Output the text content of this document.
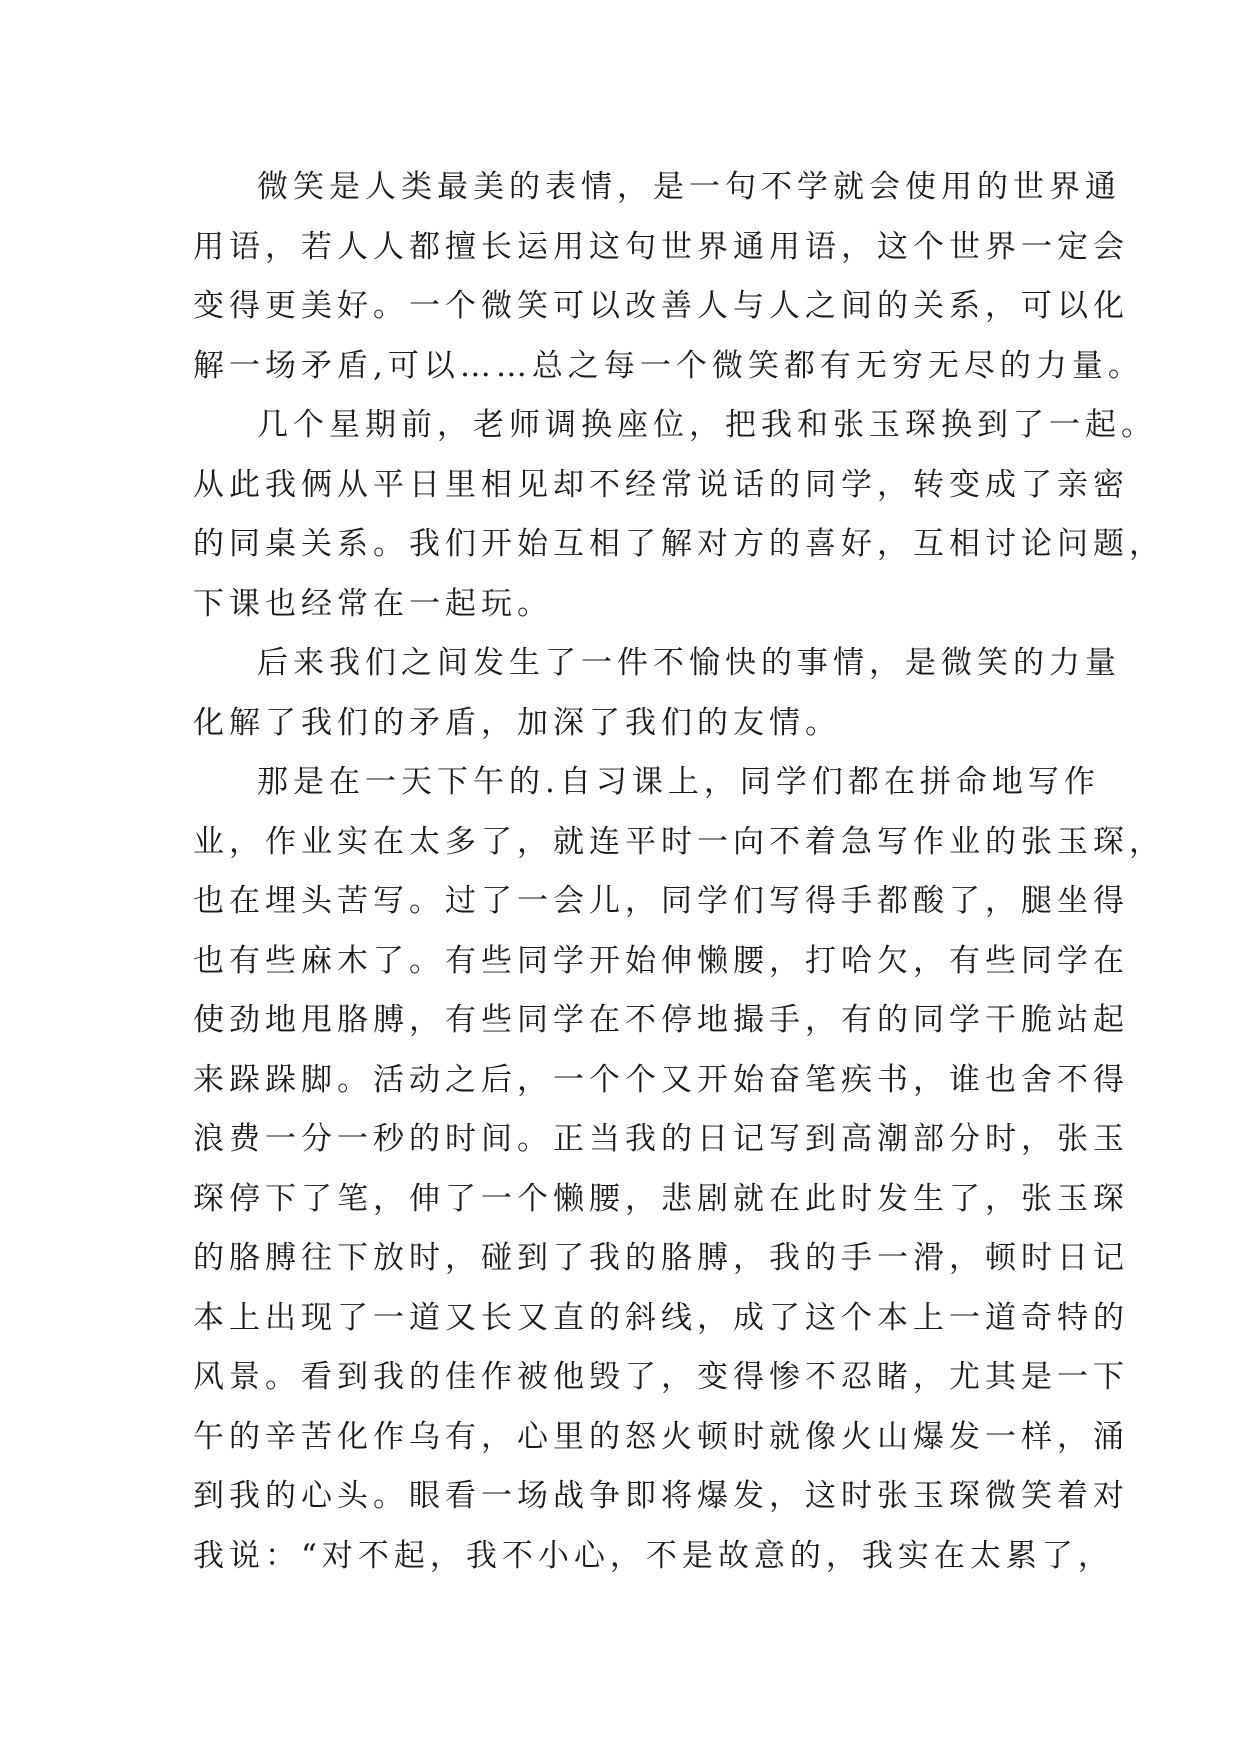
微笑是人类最美的表情，是一句不学就会使用的世界通
用语，若人人都擅长运用这句世界通用语，这个世界一定会
变得更美好。一个微笑可以改善人与人之间的关系，可以化
解一场矛盾,可以……总之每一个微笑都有无穷无尽的力量。
几个星期前，老师调换座位，把我和张玉琛换到了一起。
从此我俩从平日里相见却不经常说话的同学，转变成了亲密
的同桌关系。我们开始互相了解对方的喜好，互相讨论问题，
下课也经常在一起玩。
后来我们之间发生了一件不愉快的事情，是微笑的力量
化解了我们的矛盾，加深了我们的友情。
那是在一天下午的.自习课上，同学们都在拼命地写作
业，作业实在太多了，就连平时一向不着急写作业的张玉琛，
也在埋头苦写。过了一会儿，同学们写得手都酸了，腿坐得
也有些麻木了。有些同学开始伸懒腰，打哈欠，有些同学在
使劲地甩胳膊，有些同学在不停地撮手，有的同学干脆站起
来跺跺脚。活动之后，一个个又开始奋笔疾书，谁也舍不得
浪费一分一秒的时间。正当我的日记写到高潮部分时，张玉
琛停下了笔，伸了一个懒腰，悲剧就在此时发生了，张玉琛
的胳膊往下放时，碰到了我的胳膊，我的手一滑，顿时日记
本上出现了一道又长又直的斜线，成了这个本上一道奇特的
风景。看到我的佳作被他毁了，变得惨不忍睹，尤其是一下
午的辛苦化作乌有，心里的怒火顿时就像火山爆发一样，涌
到我的心头。眼看一场战争即将爆发，这时张玉琛微笑着对
我说：“对不起，我不小心，不是故意的，我实在太累了，
